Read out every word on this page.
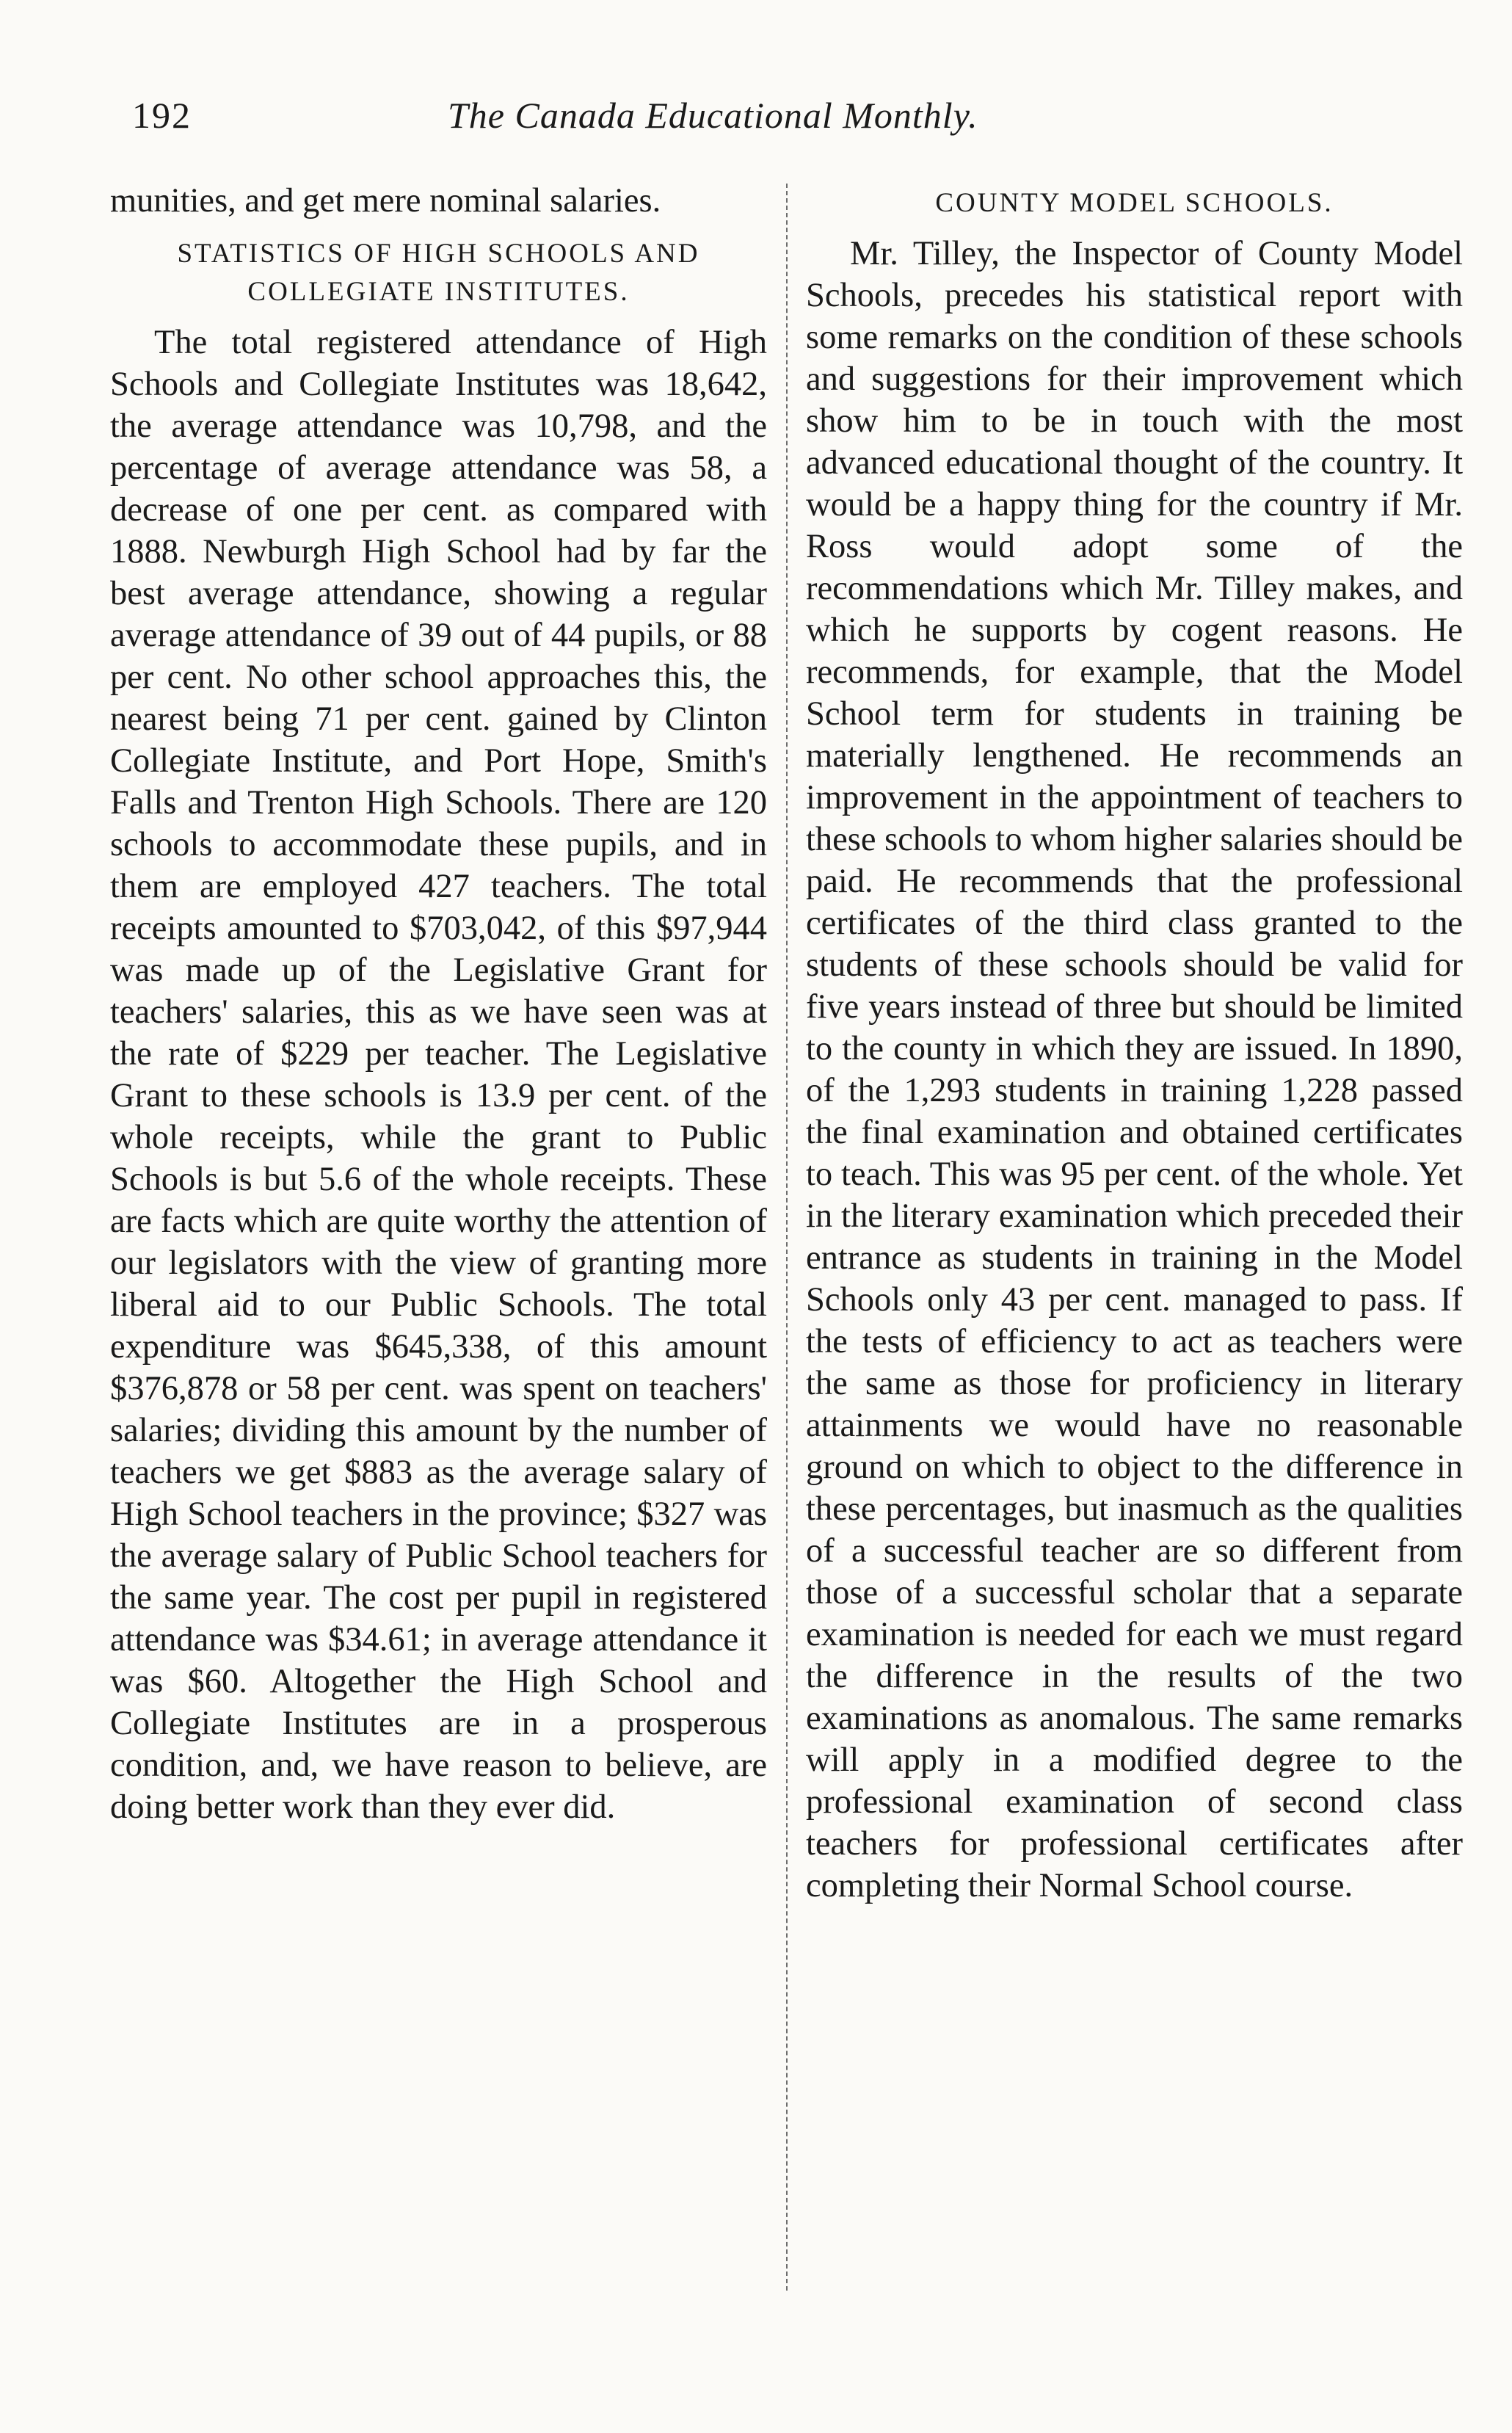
192	The Canada Educational Monthly.

munities, and get mere nominal salaries.

STATISTICS OF HIGH SCHOOLS AND COLLEGIATE INSTITUTES.

The total registered attendance of High Schools and Collegiate Institutes was 18,642, the average attendance was 10,798, and the percentage of average attendance was 58, a decrease of one per cent. as compared with 1888. Newburgh High School had by far the best average attendance, showing a regular average attendance of 39 out of 44 pupils, or 88 per cent. No other school approaches this, the nearest being 71 per cent. gained by Clinton Collegiate Institute, and Port Hope, Smith's Falls and Trenton High Schools. There are 120 schools to accommodate these pupils, and in them are employed 427 teachers. The total receipts amounted to $703,042, of this $97,944 was made up of the Legislative Grant for teachers' salaries, this as we have seen was at the rate of $229 per teacher. The Legislative Grant to these schools is 13.9 per cent. of the whole receipts, while the grant to Public Schools is but 5.6 of the whole receipts. These are facts which are quite worthy the attention of our legislators with the view of granting more liberal aid to our Public Schools. The total expenditure was $645,338, of this amount $376,878 or 58 per cent. was spent on teachers' salaries; dividing this amount by the number of teachers we get $883 as the average salary of High School teachers in the province; $327 was the average salary of Public School teachers for the same year. The cost per pupil in registered attendance was $34.61; in average attendance it was $60. Altogether the High School and Collegiate Institutes are in a prosperous condition, and, we have reason to believe, are doing better work than they ever did.

COUNTY MODEL SCHOOLS.

Mr. Tilley, the Inspector of County Model Schools, precedes his statistical report with some remarks on the condition of these schools and suggestions for their improvement which show him to be in touch with the most advanced educational thought of the country. It would be a happy thing for the country if Mr. Ross would adopt some of the recommendations which Mr. Tilley makes, and which he supports by cogent reasons. He recommends, for example, that the Model School term for students in training be materially lengthened. He recommends an improvement in the appointment of teachers to these schools to whom higher salaries should be paid. He recommends that the professional certificates of the third class granted to the students of these schools should be valid for five years instead of three but should be limited to the county in which they are issued. In 1890, of the 1,293 students in training 1,228 passed the final examination and obtained certificates to teach. This was 95 per cent. of the whole. Yet in the literary examination which preceded their entrance as students in training in the Model Schools only 43 per cent. managed to pass. If the tests of efficiency to act as teachers were the same as those for proficiency in literary attainments we would have no reasonable ground on which to object to the difference in these percentages, but inasmuch as the qualities of a successful teacher are so different from those of a successful scholar that a separate examination is needed for each we must regard the difference in the results of the two examinations as anomalous. The same remarks will apply in a modified degree to the professional examination of second class teachers for professional certificates after completing their Normal School course.
